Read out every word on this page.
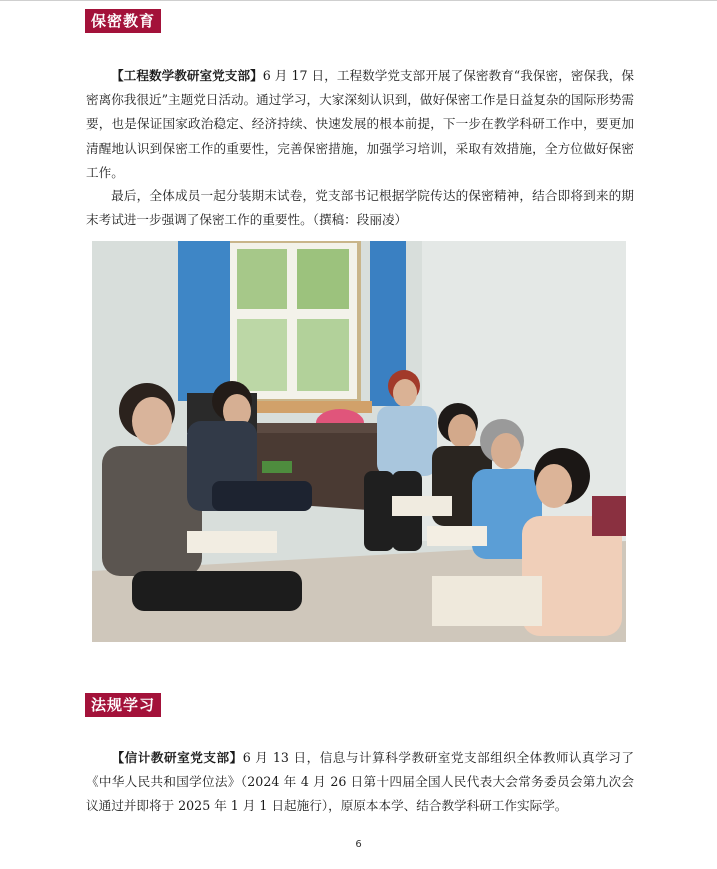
保密教育

【工程数学教研室党支部】6 月 17 日，工程数学党支部开展了保密教育“我保密，密保我，保密离你我很近”主题党日活动。通过学习，大家深刻认识到，做好保密工作是日益复杂的国际形势需要，也是保证国家政治稳定、经济持续、快速发展的根本前提，下一步在教学科研工作中，要更加清醒地认识到保密工作的重要性，完善保密措施，加强学习培训，采取有效措施，全方位做好保密工作。

最后，全体成员一起分装期末试卷，党支部书记根据学院传达的保密精神，结合即将到来的期末考试进一步强调了保密工作的重要性。（撰稿：段丽凌）

法规学习

【信计教研室党支部】6 月 13 日，信息与计算科学教研室党支部组织全体教师认真学习了《中华人民共和国学位法》（2024 年 4 月 26 日第十四届全国人民代表大会常务委员会第九次会议通过并即将于 2025 年 1 月 1 日起施行），原原本本学、结合教学科研工作实际学。

6
